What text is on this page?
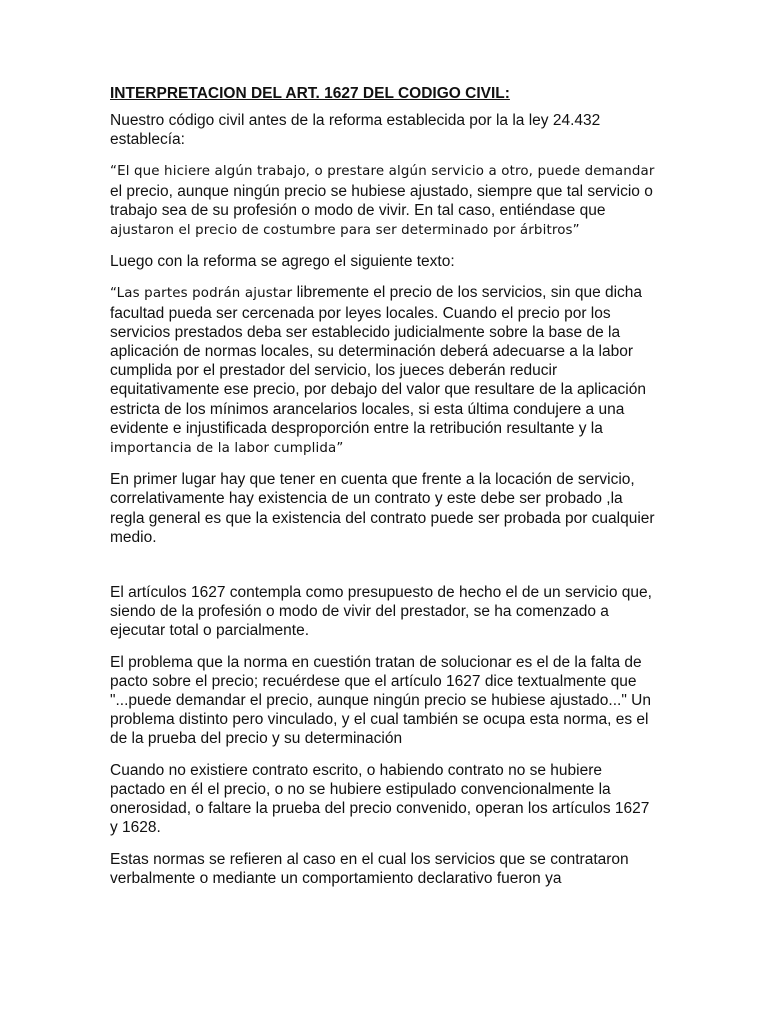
INTERPRETACION DEL ART. 1627 DEL CODIGO CIVIL:
Nuestro código civil antes de la reforma establecida por la la ley 24.432 establecía:
“El que hiciere algún trabajo, o prestare algún servicio a otro, puede demandar
el precio, aunque ningún precio se hubiese ajustado, siempre que tal servicio o trabajo sea de su profesión o modo de vivir. En tal caso, entiéndase que
ajustaron el precio de costumbre para ser determinado por árbitros”
Luego con la reforma se agrego el siguiente texto:
“Las partes podrán ajustar libremente el precio de los servicios, sin que dicha facultad pueda ser cercenada por leyes locales. Cuando el precio por los servicios prestados deba ser establecido judicialmente sobre la base de la aplicación de normas locales, su determinación deberá adecuarse a la labor cumplida por el prestador del servicio, los jueces deberán reducir equitativamente ese precio, por debajo del valor que resultare de la aplicación estricta de los mínimos arancelarios locales, si esta última condujere a una evidente e injustificada desproporción entre la retribución resultante y la
importancia de la labor cumplida”
En primer lugar hay que tener en cuenta que frente a la locación de servicio, correlativamente hay existencia de un contrato y este debe ser probado ,la regla general es que la existencia del contrato puede ser probada por cualquier medio.
El artículos 1627 contempla como presupuesto de hecho el de un servicio que, siendo de la profesión o modo de vivir del prestador, se ha comenzado a ejecutar total o parcialmente.
El problema que la norma en cuestión tratan de solucionar es el de la falta de pacto sobre el precio; recuérdese que el artículo 1627 dice textualmente que "...puede demandar el precio, aunque ningún precio se hubiese ajustado..." Un problema distinto pero vinculado, y el cual también se ocupa esta norma, es el de la prueba del precio y su determinación
Cuando no existiere contrato escrito, o habiendo contrato no se hubiere pactado en él el precio, o no se hubiere estipulado convencionalmente la onerosidad, o faltare la prueba del precio convenido, operan los artículos 1627 y 1628.
Estas normas se refieren al caso en el cual los servicios que se contrataron verbalmente o mediante un comportamiento declarativo fueron ya
